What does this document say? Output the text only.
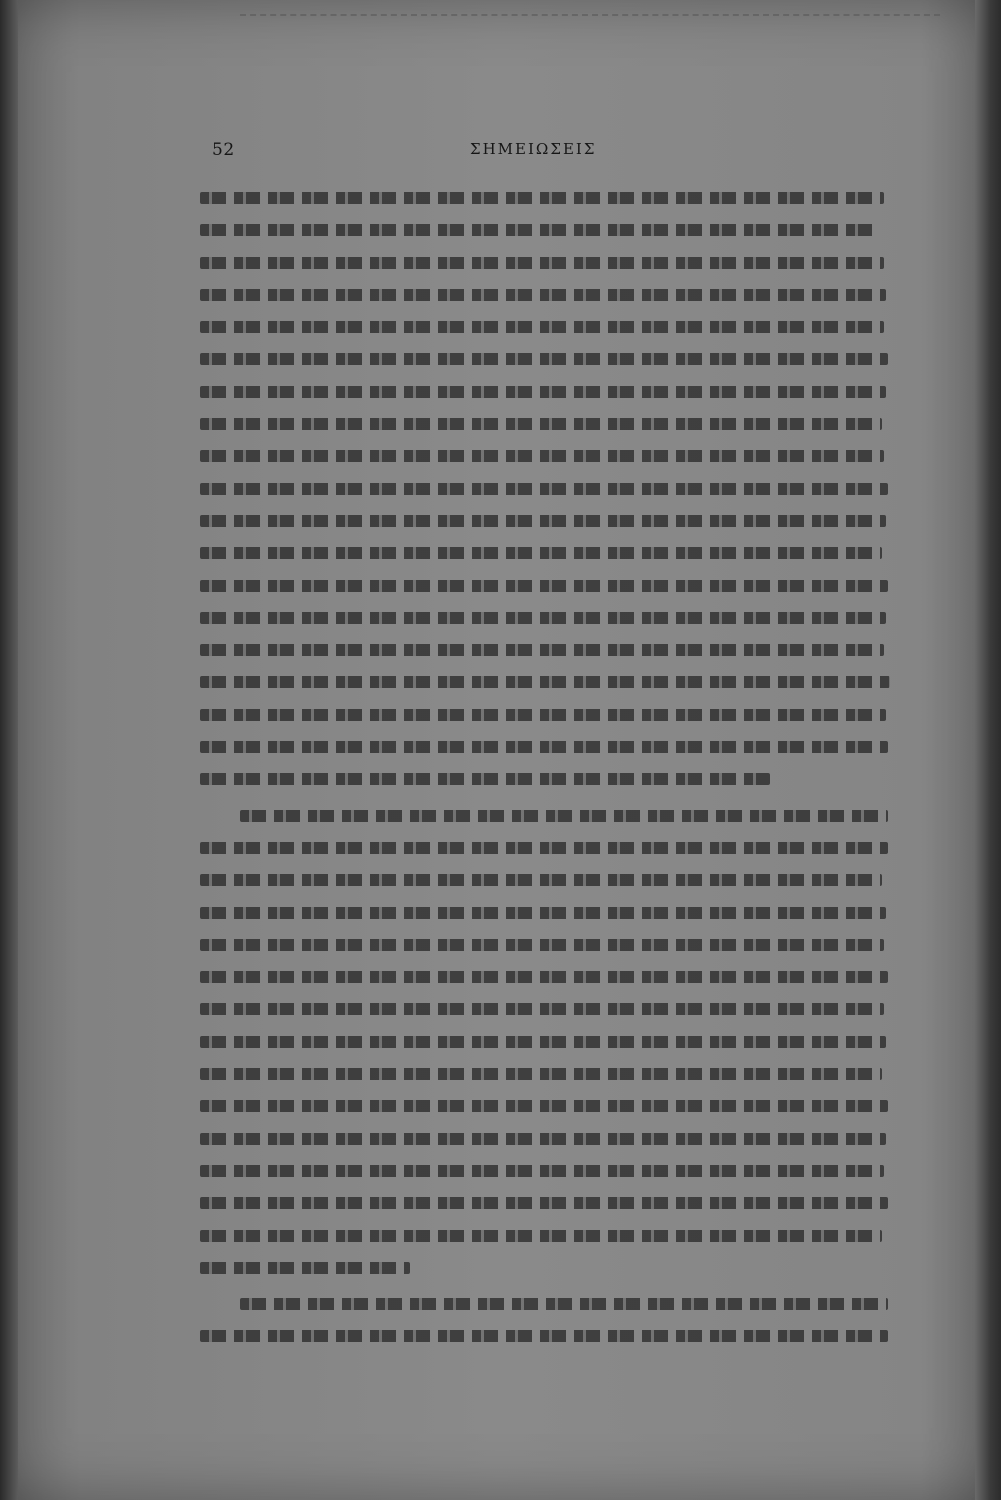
52	ΣΗΜΕΙΩΣΕΙΣ
